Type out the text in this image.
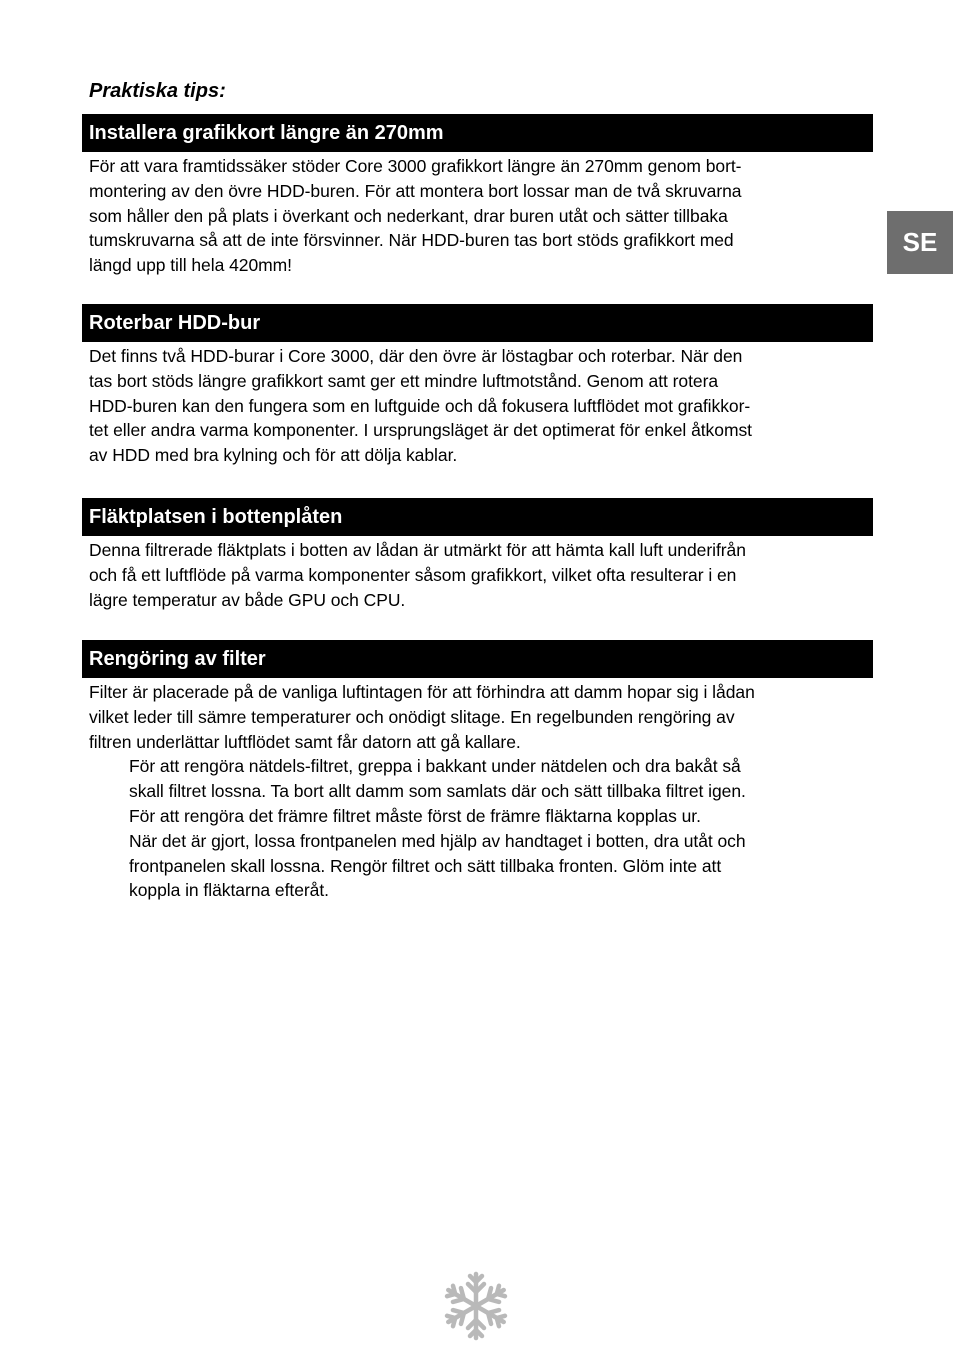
Praktiska tips:
SE
Installera grafikkort längre än 270mm
För att vara framtidssäker stöder Core 3000 grafikkort längre än 270mm genom bort-
montering av den övre HDD-buren. För att montera bort lossar man de två skruvarna
som håller den på plats i överkant och nederkant, drar buren utåt och sätter tillbaka
tumskruvarna så att de inte försvinner. När HDD-buren tas bort stöds grafikkort med
längd upp till hela 420mm!
Roterbar HDD-bur
Det finns två HDD-burar i Core 3000, där den övre är löstagbar och roterbar. När den
tas bort stöds längre grafikkort samt ger ett mindre luftmotstånd. Genom att rotera
HDD-buren kan den fungera som en luftguide och då fokusera luftflödet mot grafikkor-
tet eller andra varma komponenter. I ursprungsläget är det optimerat för enkel åtkomst
av HDD med bra kylning och för att dölja kablar.
Fläktplatsen i bottenplåten
Denna filtrerade fläktplats i botten av lådan är utmärkt för att hämta kall luft underifrån
och få ett luftflöde på varma komponenter såsom grafikkort, vilket ofta resulterar i en
lägre temperatur av både GPU och CPU.
Rengöring av filter
Filter är placerade på de vanliga luftintagen för att förhindra att damm hopar sig i lådan
vilket leder till sämre temperaturer och onödigt slitage. En regelbunden rengöring av
filtren underlättar luftflödet samt får datorn att gå kallare.
För att rengöra nätdels-filtret, greppa i bakkant under nätdelen och dra bakåt så
skall filtret lossna. Ta bort allt damm som samlats där och sätt tillbaka filtret igen.
För att rengöra det främre filtret måste först de främre fläktarna kopplas ur.
När det är gjort, lossa frontpanelen med hjälp av handtaget i botten, dra utåt och
frontpanelen skall lossna. Rengör filtret och sätt tillbaka fronten. Glöm inte att
koppla in fläktarna efteråt.
